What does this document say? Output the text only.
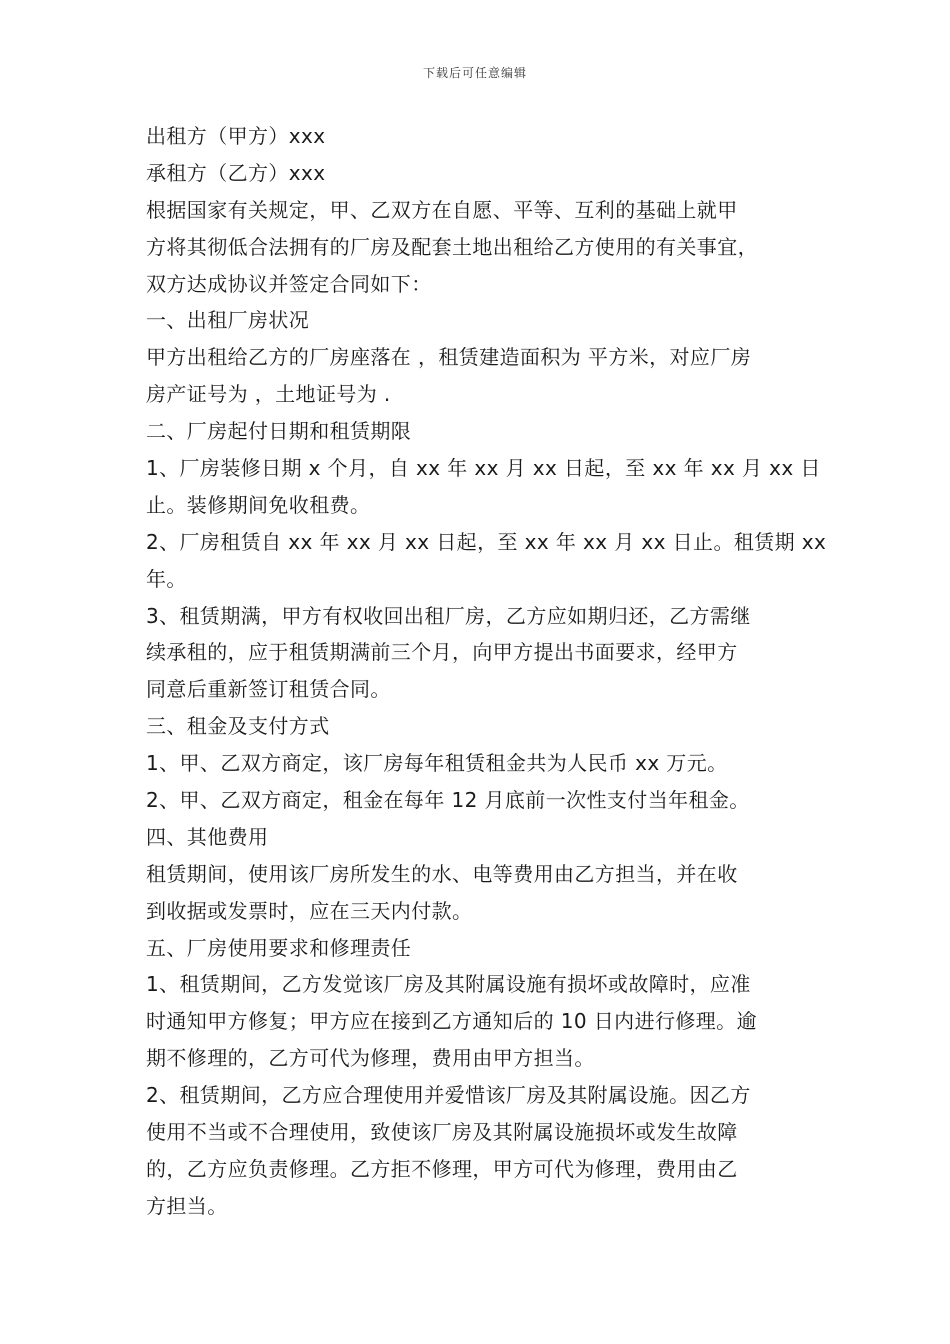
下载后可任意编辑
出租方（甲方）xxx
承租方（乙方）xxx
根据国家有关规定，甲、乙双方在自愿、平等、互利的基础上就甲
方将其彻低合法拥有的厂房及配套土地出租给乙方使用的有关事宜，
双方达成协议并签定合同如下：
一、出租厂房状况
甲方出租给乙方的厂房座落在 ，租赁建造面积为 平方米，对应厂房
房产证号为 ，土地证号为 .
二、厂房起付日期和租赁期限
1、厂房装修日期 x 个月，自 xx 年 xx 月 xx 日起，至 xx 年 xx 月 xx 日
止。装修期间免收租费。
2、厂房租赁自 xx 年 xx 月 xx 日起，至 xx 年 xx 月 xx 日止。租赁期 xx
年。
3、租赁期满，甲方有权收回出租厂房，乙方应如期归还，乙方需继
续承租的，应于租赁期满前三个月，向甲方提出书面要求，经甲方
同意后重新签订租赁合同。
三、租金及支付方式
1、甲、乙双方商定，该厂房每年租赁租金共为人民币 xx 万元。
2、甲、乙双方商定，租金在每年 12 月底前一次性支付当年租金。
四、其他费用
租赁期间，使用该厂房所发生的水、电等费用由乙方担当，并在收
到收据或发票时，应在三天内付款。
五、厂房使用要求和修理责任
1、租赁期间，乙方发觉该厂房及其附属设施有损坏或故障时，应准
时通知甲方修复；甲方应在接到乙方通知后的 10 日内进行修理。逾
期不修理的，乙方可代为修理，费用由甲方担当。
2、租赁期间，乙方应合理使用并爱惜该厂房及其附属设施。因乙方
使用不当或不合理使用，致使该厂房及其附属设施损坏或发生故障
的，乙方应负责修理。乙方拒不修理，甲方可代为修理，费用由乙
方担当。
